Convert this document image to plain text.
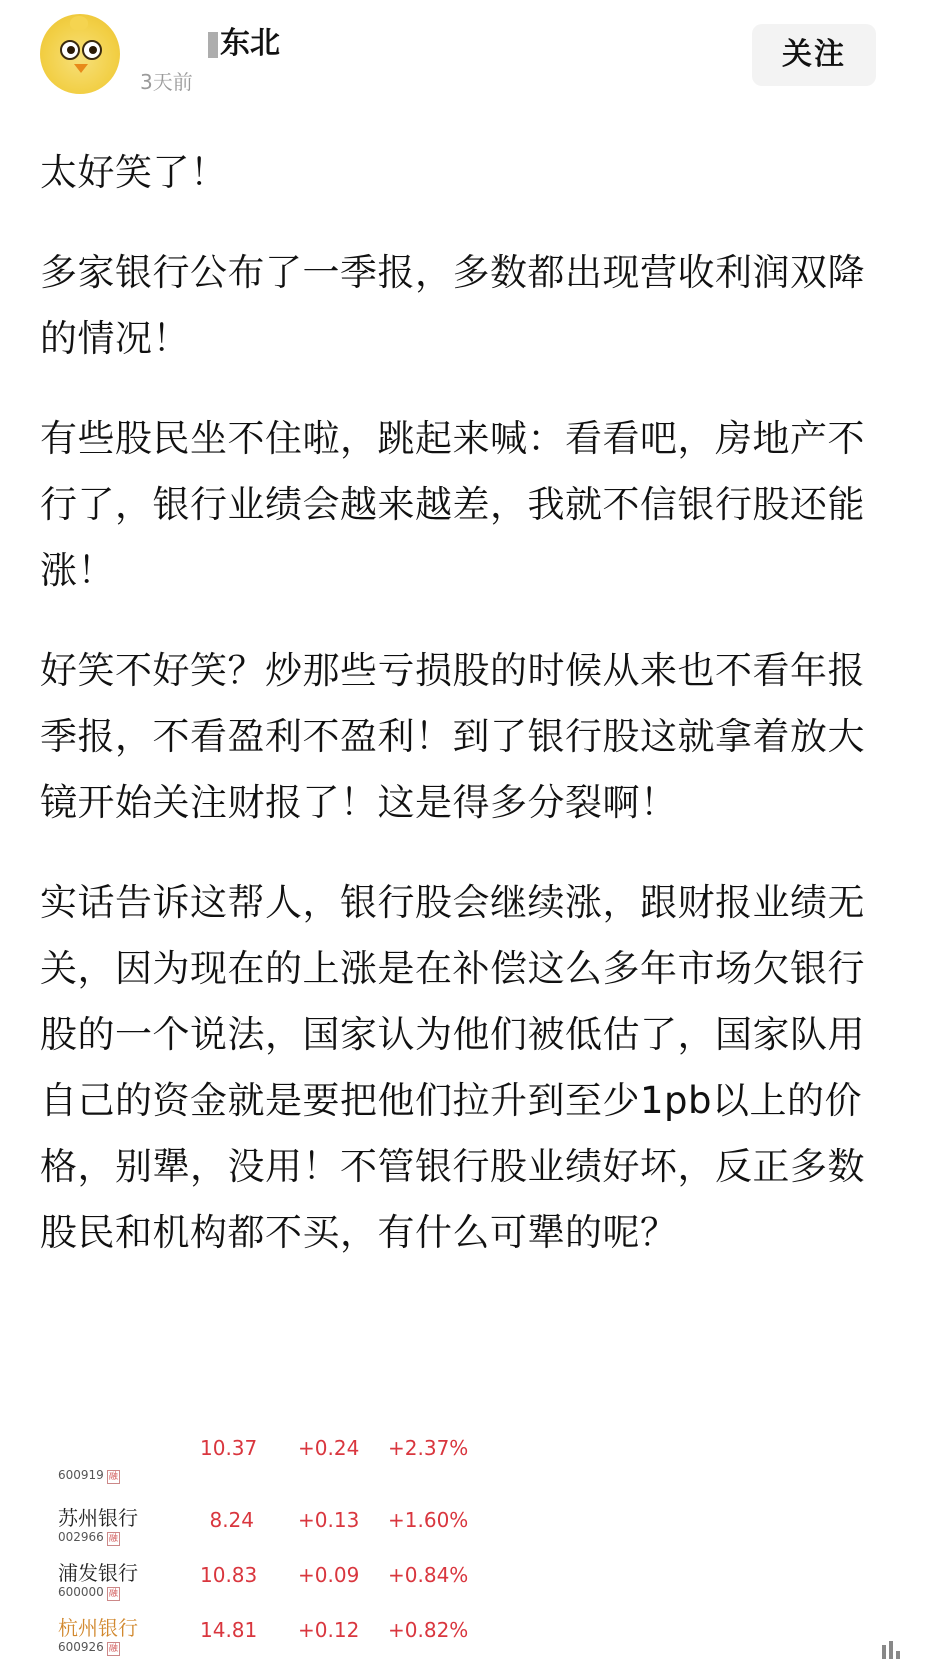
东北
3天前
关注

太好笑了！

多家银行公布了一季报，多数都出现营收利润双降的情况！

有些股民坐不住啦，跳起来喊：看看吧，房地产不行了，银行业绩会越来越差，我就不信银行股还能涨！

好笑不好笑？炒那些亏损股的时候从来也不看年报季报，不看盈利不盈利！到了银行股这就拿着放大镜开始关注财报了！这是得多分裂啊！

实话告诉这帮人，银行股会继续涨，跟财报业绩无关，因为现在的上涨是在补偿这么多年市场欠银行股的一个说法，国家认为他们被低估了，国家队用自己的资金就是要把他们拉升到至少1pb以上的价格，别犟，没用！不管银行股业绩好坏，反正多数股民和机构都不买，有什么可犟的呢？

600919 融
10.37 +0.24 +2.37%
苏州银行
002966 融
8.24 +0.13 +1.60%
浦发银行
600000 融
10.83 +0.09 +0.84%
杭州银行
600926 融
14.81 +0.12 +0.82%
